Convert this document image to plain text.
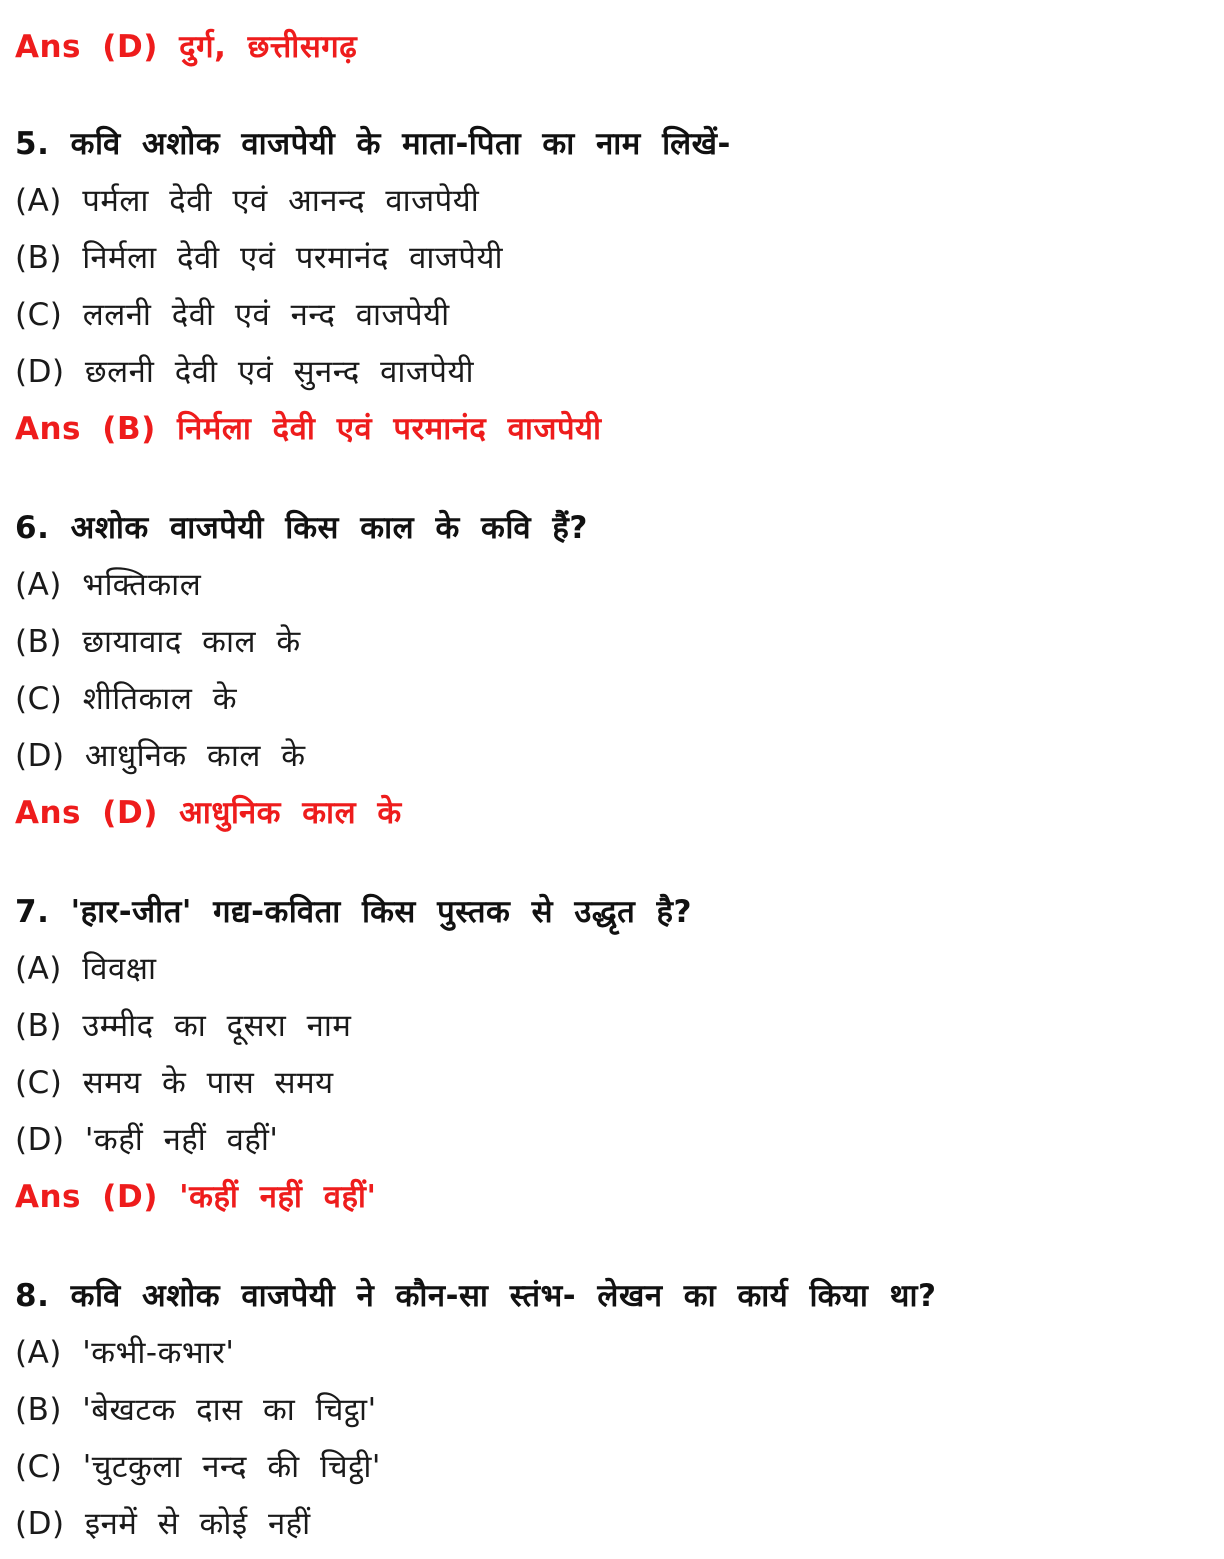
Ans (D) दुर्ग, छत्तीसगढ़
5. कवि अशोक वाजपेयी के माता-पिता का नाम लिखें-
(A) पर्मला देवी एवं आनन्द वाजपेयी
(B) निर्मला देवी एवं परमानंद वाजपेयी
(C) ललनी देवी एवं नन्द वाजपेयी
(D) छलनी देवी एवं सुनन्द वाजपेयी
Ans (B) निर्मला देवी एवं परमानंद वाजपेयी
6. अशोक वाजपेयी किस काल के कवि हैं?
(A) भक्तिकाल
(B) छायावाद काल के
(C) शीतिकाल के
(D) आधुनिक काल के
Ans (D) आधुनिक काल के
7. 'हार-जीत' गद्य-कविता किस पुस्तक से उद्धृत है?
(A) विवक्षा
(B) उम्मीद का दूसरा नाम
(C) समय के पास समय
(D) 'कहीं नहीं वहीं'
Ans (D) 'कहीं नहीं वहीं'
8. कवि अशोक वाजपेयी ने कौन-सा स्तंभ- लेखन का कार्य किया था?
(A) 'कभी-कभार'
(B) 'बेखटक दास का चिट्ठा'
(C) 'चुटकुला नन्द की चिट्ठी'
(D) इनमें से कोई नहीं
